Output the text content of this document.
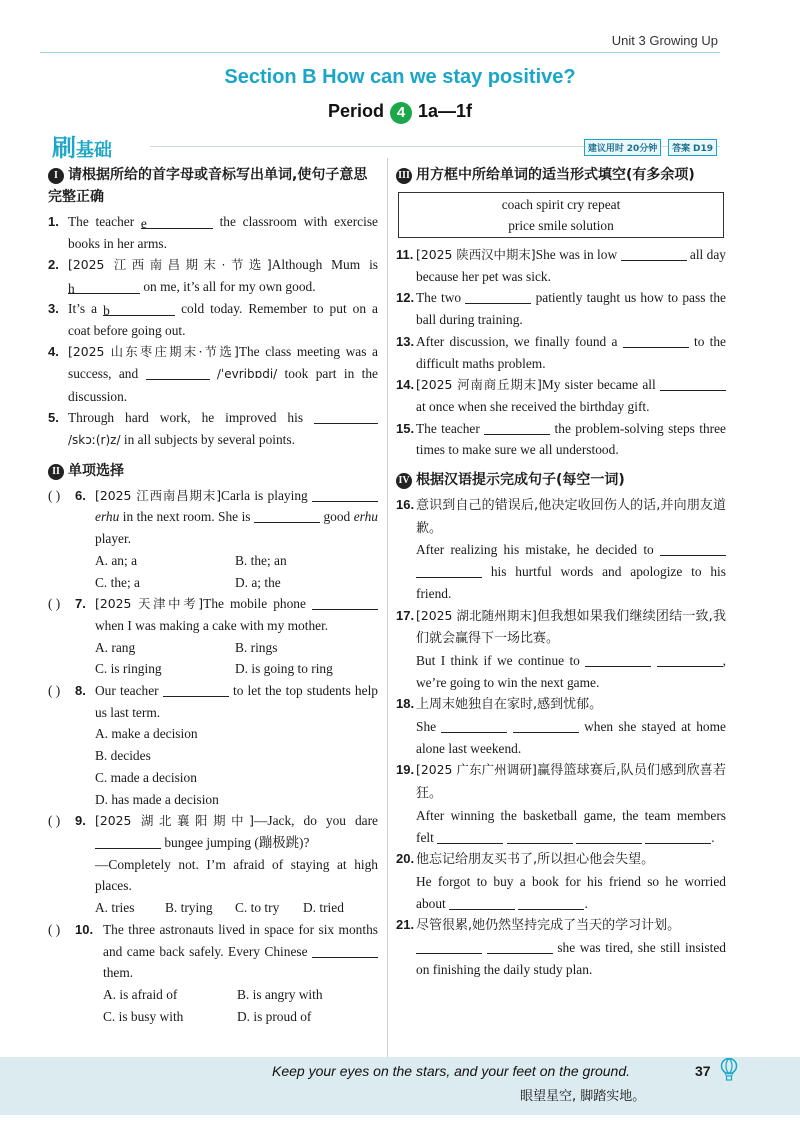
Unit 3 Growing Up
Section B How can we stay positive?
Period 4 1a—1f
刷基础	建议用时 20分钟 答案 D19
I 请根据所给的首字母或音标写出单词,使句子意思完整正确
1. The teacher e	the classroom with exercise books in her arms.
2. [2025 江西南昌期末·节选]Although Mum is h	on me, it’s all for my own good.
3. It’s a b	cold today. Remember to put on a coat before going out.
4. [2025 山东枣庄期末·节选]The class meeting was a success, and	/ˈevribɒdi/ took part in the discussion.
5. Through hard work, he improved his  /skɔː(r)z/ in all subjects by several points.
II 单项选择
( ) 6. [2025 江西南昌期末]Carla is playing  erhu in the next room. She is	good erhu player.
A. an; a	B. the; an
C. the; a	D. a; the
( ) 7. [2025 天津中考]The mobile phone  when I was making a cake with my mother.
A. rang	B. rings
C. is ringing	D. is going to ring
( ) 8. Our teacher	to let the top students help us last term.
A. make a decision
B. decides
C. made a decision
D. has made a decision
( ) 9. [2025 湖北襄阳期中]—Jack, do you dare  bungee jumping (蹦极跳)?
—Completely not. I’m afraid of staying at high places.
A. tries	B. trying	C. to try	D. tried
( ) 10. The three astronauts lived in space for six months and came back safely. Every Chinese  them.
A. is afraid of	B. is angry with
C. is busy with	D. is proud of
III 用方框中所给单词的适当形式填空(有多余项)
coach spirit cry repeat
price smile solution
11. [2025 陕西汉中期末]She was in low	all day because her pet was sick.
12. The two	patiently taught us how to pass the ball during training.
13. After discussion, we finally found a	to the difficult maths problem.
14. [2025 河南商丘期末]My sister became all  at once when she received the birthday gift.
15. The teacher	the problem-solving steps three times to make sure we all understood.
IV 根据汉语提示完成句子(每空一词)
16. 意识到自己的错误后,他决定收回伤人的话,并向朋友道歉。
After realizing his mistake, he decided to   his hurtful words and apologize to his friend.
17. [2025 湖北随州期末]但我想如果我们继续团结一致,我们就会赢得下一场比赛。
But I think if we continue to	, we’re going to win the next game.
18. 上周末她独自在家时,感到忧郁。
She	when she stayed at home alone last weekend.
19. [2025 广东广州调研]赢得篮球赛后,队员们感到欣喜若狂。
After winning the basketball game, the team members felt	.
20. 他忘记给朋友买书了,所以担心他会失望。
He forgot to buy a book for his friend so he worried about	.
21. 尽管很累,她仍然坚持完成了当天的学习计划。
she was tired, she still insisted on finishing the daily study plan.
Keep your eyes on the stars, and your feet on the ground.
眼望星空, 脚踏实地。
37
